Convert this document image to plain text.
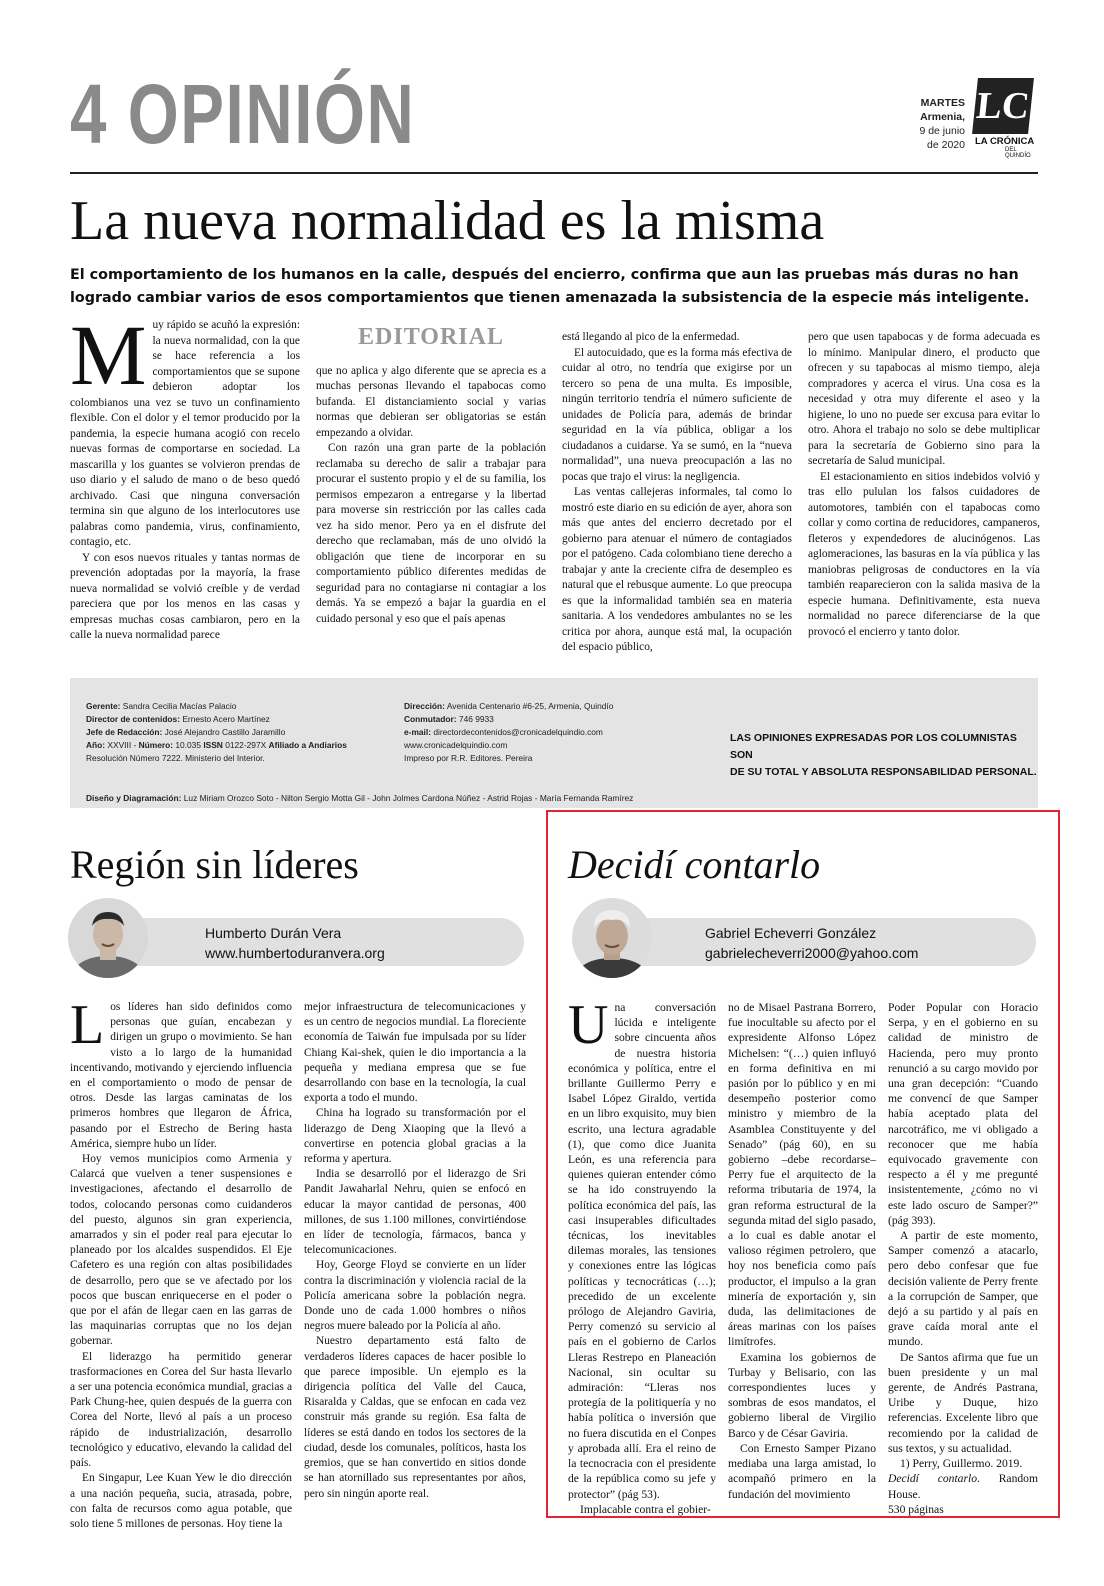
4 OPINIÓN	MARTES
Armenia,
9 de junio
de 2020
LC
LA CRÓNICA
DEL QUINDÍO
La nueva normalidad es la misma
El comportamiento de los humanos en la calle, después del encierro, confirma que aun las pruebas más duras no han logrado cambiar varios de esos comportamientos que tienen amenazada la subsistencia de la especie más inteligente.

Muy rápido se acuñó la expresión: la nueva normalidad, con la que se hace referencia a los comportamientos que se supone debieron adoptar los colombianos una vez se tuvo un confinamiento flexible. Con el dolor y el temor producido por la pandemia, la especie humana acogió con recelo nuevas formas de comportarse en sociedad. La mascarilla y los guantes se volvieron prendas de uso diario y el saludo de mano o de beso quedó archivado. Casi que ninguna conversación termina sin que alguno de los interlocutores use palabras como pandemia, virus, confinamiento, contagio, etc.

Y con esos nuevos rituales y tantas normas de prevención adoptadas por la mayoría, la frase nueva normalidad se volvió creíble y de verdad pareciera que por los menos en las casas y empresas muchas cosas cambiaron, pero en la calle la nueva normalidad parece

EDITORIAL

que no aplica y algo diferente que se aprecia es a muchas personas llevando el tapabocas como bufanda. El distanciamiento social y varias normas que debieran ser obligatorias se están empezando a olvidar.

Con razón una gran parte de la población reclamaba su derecho de salir a trabajar para procurar el sustento propio y el de su familia, los permisos empezaron a entregarse y la libertad para moverse sin restricción por las calles cada vez ha sido menor. Pero ya en el disfrute del derecho que reclamaban, más de uno olvidó la obligación que tiene de incorporar en su comportamiento público diferentes medidas de seguridad para no contagiarse ni contagiar a los demás. Ya se empezó a bajar la guardia en el cuidado personal y eso que el país apenas

está llegando al pico de la enfermedad.

El autocuidado, que es la forma más efectiva de cuidar al otro, no tendría que exigirse por un tercero so pena de una multa. Es imposible, ningún territorio tendría el número suficiente de unidades de Policía para, además de brindar seguridad en la vía pública, obligar a los ciudadanos a cuidarse. Ya se sumó, en la “nueva normalidad”, una nueva preocupación a las no pocas que trajo el virus: la negligencia.

Las ventas callejeras informales, tal como lo mostró este diario en su edición de ayer, ahora son más que antes del encierro decretado por el gobierno para atenuar el número de contagiados por el patógeno. Cada colombiano tiene derecho a trabajar y ante la creciente cifra de desempleo es natural que el rebusque aumente. Lo que preocupa es que la informalidad también sea en materia sanitaria. A los vendedores ambulantes no se les critica por ahora, aunque está mal, la ocupación del espacio público,

pero que usen tapabocas y de forma adecuada es lo mínimo. Manipular dinero, el producto que ofrecen y su tapabocas al mismo tiempo, aleja compradores y acerca el virus. Una cosa es la necesidad y otra muy diferente el aseo y la higiene, lo uno no puede ser excusa para evitar lo otro. Ahora el trabajo no solo se debe multiplicar para la secretaría de Gobierno sino para la secretaría de Salud municipal.

El estacionamiento en sitios indebidos volvió y tras ello pululan los falsos cuidadores de automotores, también con el tapabocas como collar y como cortina de reducidores, campaneros, fleteros y expendedores de alucinógenos. Las aglomeraciones, las basuras en la vía pública y las maniobras peligrosas de conductores en la vía también reaparecieron con la salida masiva de la especie humana. Definitivamente, esta nueva normalidad no parece diferenciarse de la que provocó el encierro y tanto dolor.

Gerente: Sandra Cecilia Macías Palacio
Director de contenidos: Ernesto Acero Martínez
Jefe de Redacción: José Alejandro Castillo Jaramillo
Año: XXVIII - Número: 10.035 ISSN 0122-297X Afiliado a Andiarios
Resolución Número 7222. Ministerio del Interior.
Dirección: Avenida Centenario #6-25, Armenia, Quindío
Conmutador: 746 9933
e-mail: directordecontenidos@cronicadelquindio.com
www.cronicadelquindio.com
Impreso por R.R. Editores. Pereira
LAS OPINIONES EXPRESADAS POR LOS COLUMNISTAS SON
DE SU TOTAL Y ABSOLUTA RESPONSABILIDAD PERSONAL.
Diseño y Diagramación: Luz Miriam Orozco Soto - Nilton Sergio Motta Gil - John Jolmes Cardona Núñez - Astrid Rojas - María Fernanda Ramírez
Región sin líderes
Humberto Durán Vera
www.humbertoduranvera.org

Los líderes han sido definidos como personas que guían, encabezan y dirigen un grupo o movimiento. Se han visto a lo largo de la humanidad incentivando, motivando y ejerciendo influencia en el comportamiento o modo de pensar de otros. Desde las largas caminatas de los primeros hombres que llegaron de África, pasando por el Estrecho de Bering hasta América, siempre hubo un líder.

Hoy vemos municipios como Armenia y Calarcá que vuelven a tener suspensiones e investigaciones, afectando el desarrollo de todos, colocando personas como cuidanderos del puesto, algunos sin gran experiencia, amarrados y sin el poder real para ejecutar lo planeado por los alcaldes suspendidos. El Eje Cafetero es una región con altas posibilidades de desarrollo, pero que se ve afectado por los pocos que buscan enriquecerse en el poder o que por el afán de llegar caen en las garras de las maquinarias corruptas que no los dejan gobernar.

El liderazgo ha permitido generar trasformaciones en Corea del Sur hasta llevarlo a ser una potencia económica mundial, gracias a Park Chung-hee, quien después de la guerra con Corea del Norte, llevó al país a un proceso rápido de industrialización, desarrollo tecnológico y educativo, elevando la calidad del país.

En Singapur, Lee Kuan Yew le dio dirección a una nación pequeña, sucia, atrasada, pobre, con falta de recursos como agua potable, que solo tiene 5 millones de personas. Hoy tiene la

mejor infraestructura de telecomunicaciones y es un centro de negocios mundial. La floreciente economía de Taiwán fue impulsada por su líder Chiang Kai-shek, quien le dio importancia a la pequeña y mediana empresa que se fue desarrollando con base en la tecnología, la cual exporta a todo el mundo.

China ha logrado su transformación por el liderazgo de Deng Xiaoping que la llevó a convertirse en potencia global gracias a la reforma y apertura.

India se desarrolló por el liderazgo de Sri Pandit Jawaharlal Nehru, quien se enfocó en educar la mayor cantidad de personas, 400 millones, de sus 1.100 millones, convirtiéndose en líder de tecnología, fármacos, banca y telecomunicaciones.

Hoy, George Floyd se convierte en un líder contra la discriminación y violencia racial de la Policía americana sobre la población negra. Donde uno de cada 1.000 hombres o niños negros muere baleado por la Policía al año.

Nuestro departamento está falto de verdaderos líderes capaces de hacer posible lo que parece imposible. Un ejemplo es la dirigencia política del Valle del Cauca, Risaralda y Caldas, que se enfocan en cada vez construir más grande su región. Esa falta de líderes se está dando en todos los sectores de la ciudad, desde los comunales, políticos, hasta los gremios, que se han convertido en sitios donde se han atornillado sus representantes por años, pero sin ningún aporte real.

Decidí contarlo
Gabriel Echeverri González
gabrielecheverri2000@yahoo.com

Una conversación lúcida e inteligente sobre cincuenta años de nuestra historia económica y política, entre el brillante Guillermo Perry e Isabel López Giraldo, vertida en un libro exquisito, muy bien escrito, una lectura agradable (1), que como dice Juanita León, es una referencia para quienes quieran entender cómo se ha ido construyendo la política económica del país, las casi insuperables dificultades técnicas, los inevitables dilemas morales, las tensiones y conexiones entre las lógicas políticas y tecnocráticas (…); precedido de un excelente prólogo de Alejandro Gaviria, Perry comenzó su servicio al país en el gobierno de Carlos Lleras Restrepo en Planeación Nacional, sin ocultar su admiración: “Lleras nos protegía de la politiquería y no había política o inversión que no fuera discutida en el Conpes y aprobada allí. Era el reino de la tecnocracia con el presidente de la república como su jefe y protector” (pág 53).

Implacable contra el gobier-

no de Misael Pastrana Borrero, fue inocultable su afecto por el expresidente Alfonso López Michelsen: “(…) quien influyó en forma definitiva en mi pasión por lo público y en mi desempeño posterior como ministro y miembro de la Asamblea Constituyente y del Senado” (pág 60), en su gobierno –debe recordarse– Perry fue el arquitecto de la reforma tributaria de 1974, la gran reforma estructural de la segunda mitad del siglo pasado, a lo cual es dable anotar el valioso régimen petrolero, que hoy nos beneficia como país productor, el impulso a la gran minería de exportación y, sin duda, las delimitaciones de áreas marinas con los países limítrofes.

Examina los gobiernos de Turbay y Belisario, con las correspondientes luces y sombras de esos mandatos, el gobierno liberal de Virgilio Barco y de César Gaviria.

Con Ernesto Samper Pizano mediaba una larga amistad, lo acompañó primero en la fundación del movimiento

Poder Popular con Horacio Serpa, y en el gobierno en su calidad de ministro de Hacienda, pero muy pronto renunció a su cargo movido por una gran decepción: “Cuando me convencí de que Samper había aceptado plata del narcotráfico, me vi obligado a reconocer que me había equivocado gravemente con respecto a él y me pregunté insistentemente, ¿cómo no vi este lado oscuro de Samper?” (pág 393).

A partir de este momento, Samper comenzó a atacarlo, pero debo confesar que fue decisión valiente de Perry frente a la corrupción de Samper, que dejó a su partido y al país en grave caída moral ante el mundo.

De Santos afirma que fue un buen presidente y un mal gerente, de Andrés Pastrana, Uribe y Duque, hizo referencias. Excelente libro que recomiendo por la calidad de sus textos, y su actualidad.

1) Perry, Guillermo. 2019.
Decidí contarlo. Random House.
530 páginas
